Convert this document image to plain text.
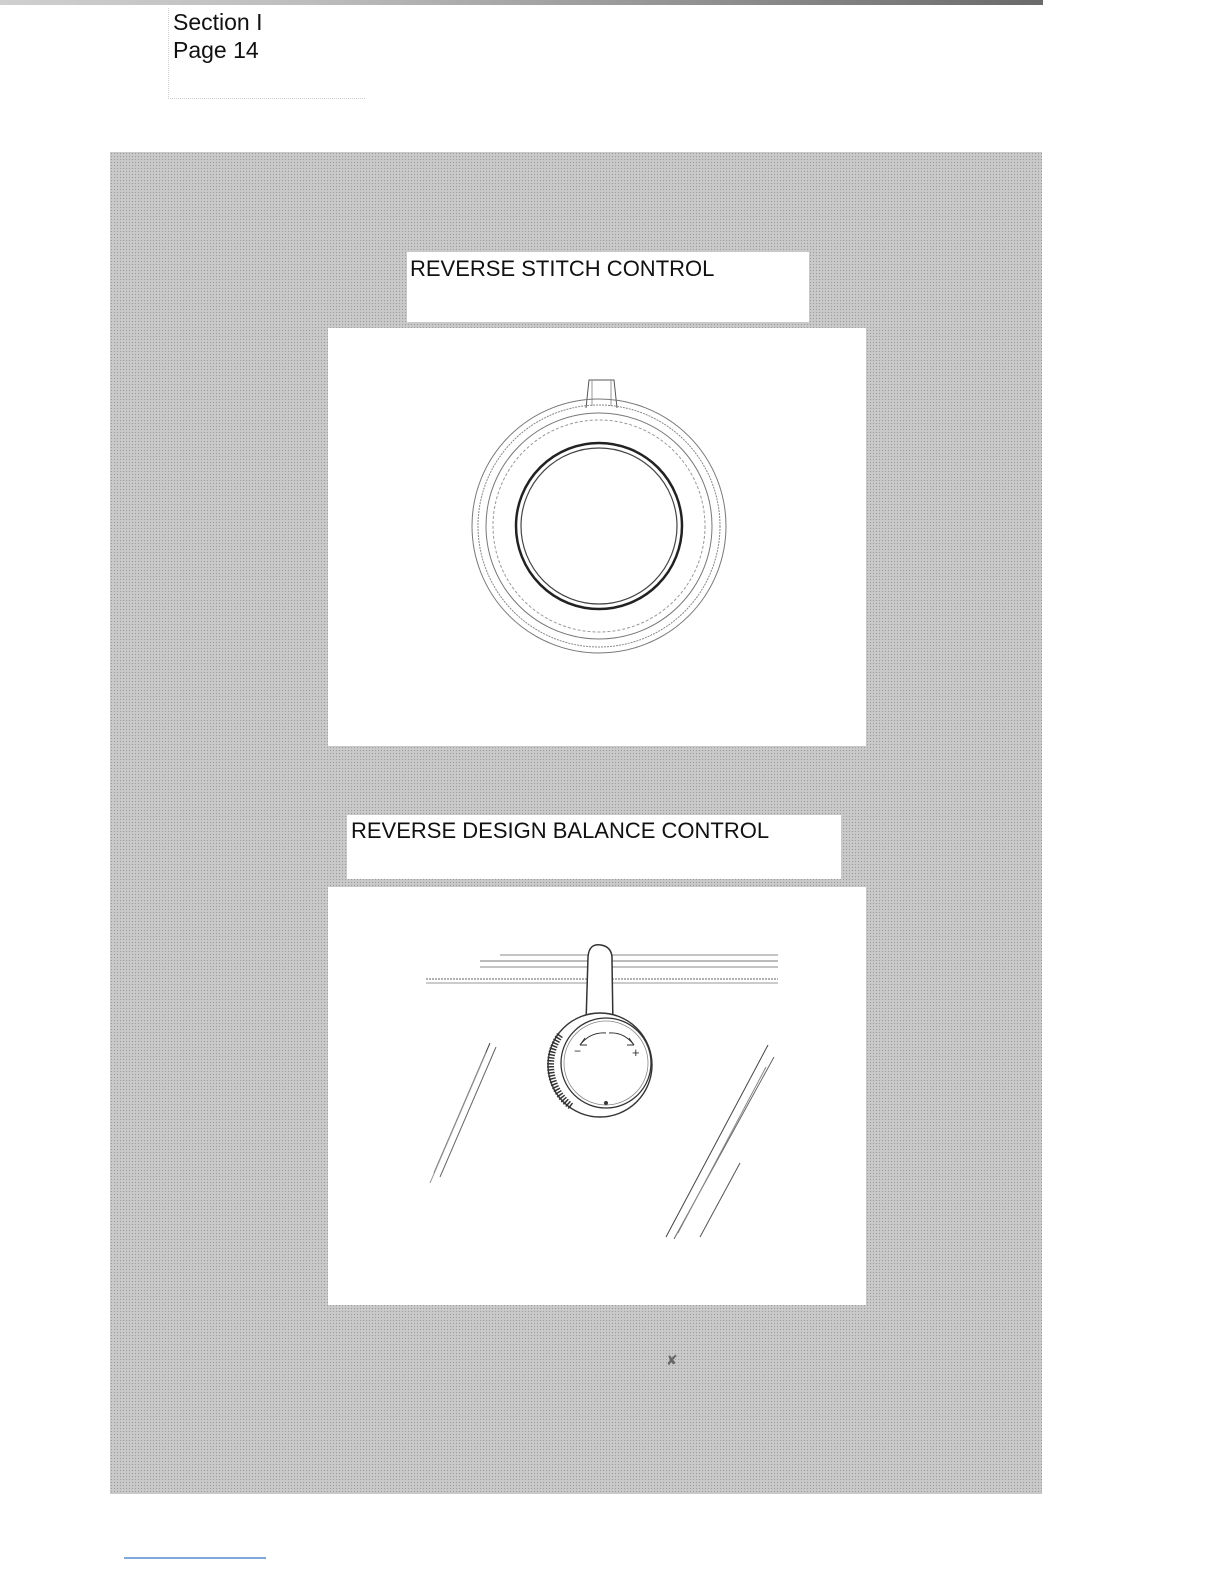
Section I
Page 14
REVERSE STITCH CONTROL
REVERSE DESIGN BALANCE CONTROL
−	+
✘
